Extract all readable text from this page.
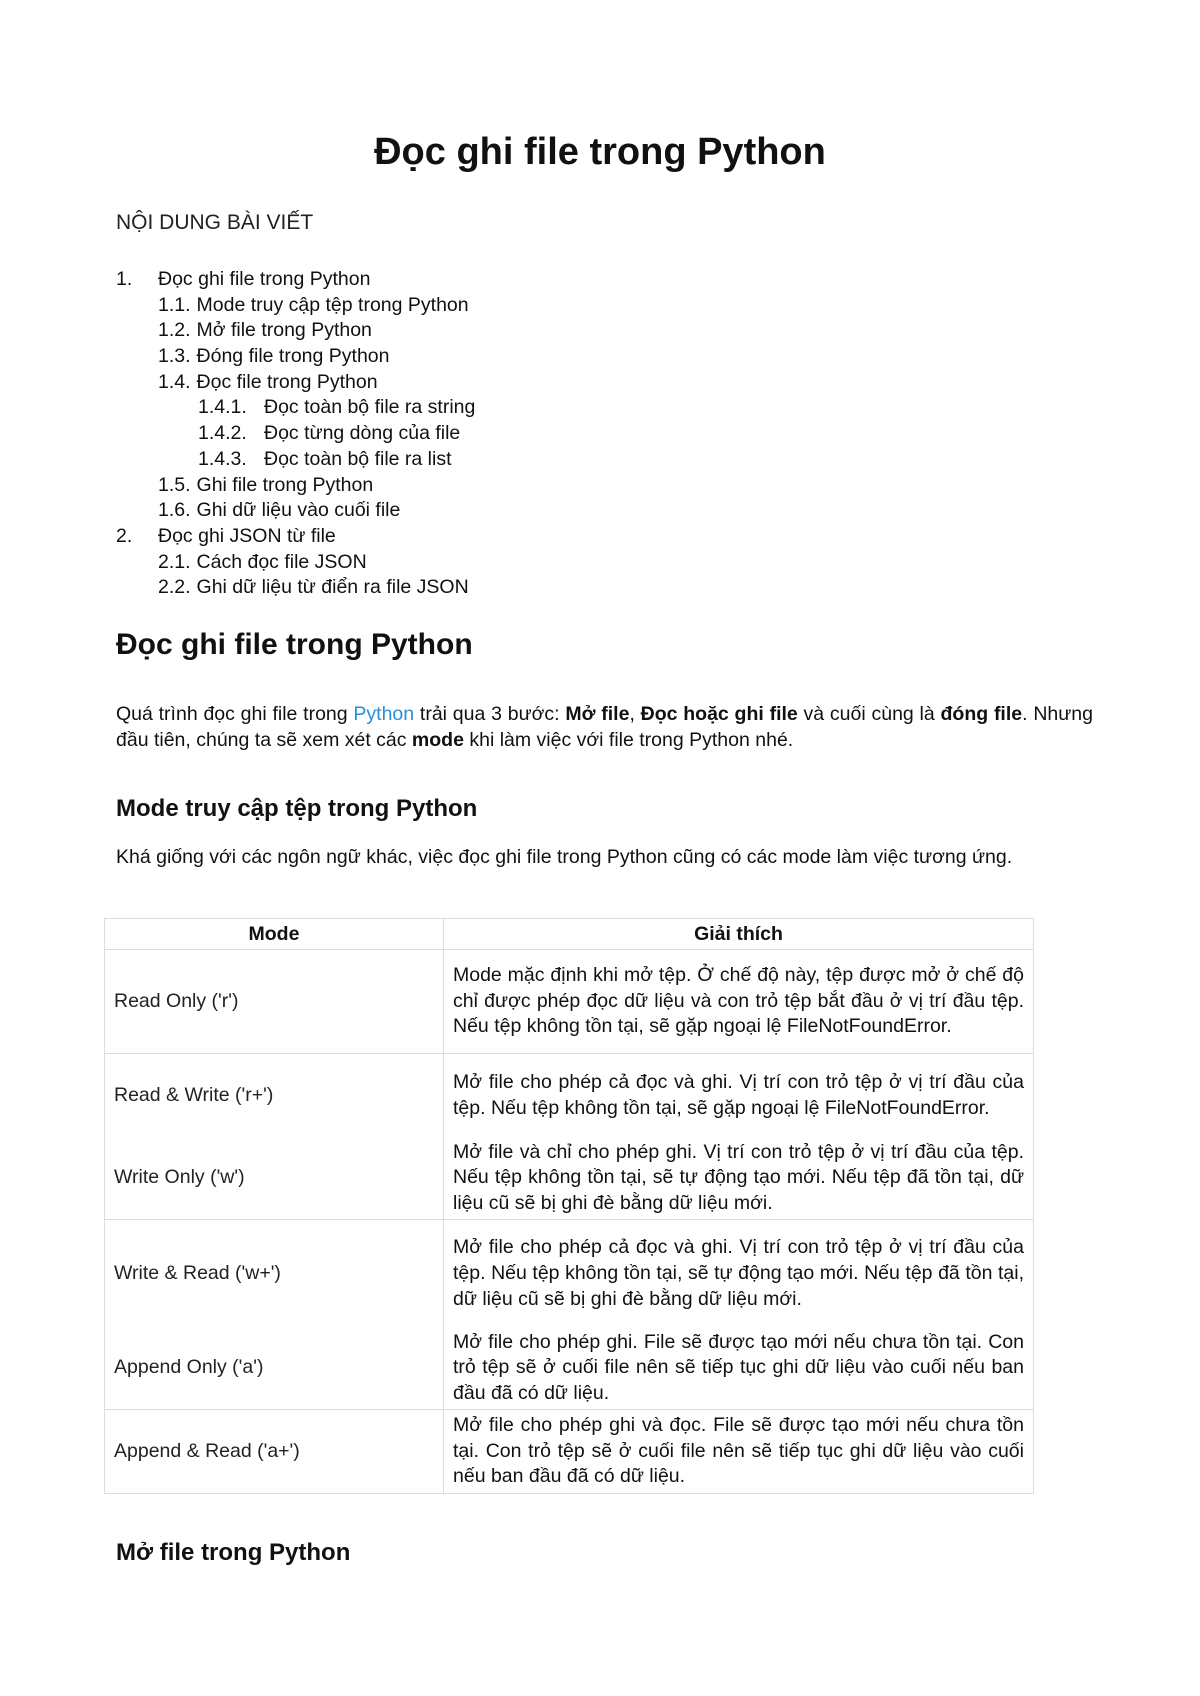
Đọc ghi file trong Python
NỘI DUNG BÀI VIẾT
1. Đọc ghi file trong Python
1.1. Mode truy cập tệp trong Python
1.2. Mở file trong Python
1.3. Đóng file trong Python
1.4. Đọc file trong Python
1.4.1. Đọc toàn bộ file ra string
1.4.2. Đọc từng dòng của file
1.4.3. Đọc toàn bộ file ra list
1.5. Ghi file trong Python
1.6. Ghi dữ liệu vào cuối file
2. Đọc ghi JSON từ file
2.1. Cách đọc file JSON
2.2. Ghi dữ liệu từ điển ra file JSON
Đọc ghi file trong Python

Quá trình đọc ghi file trong Python trải qua 3 bước: Mở file, Đọc hoặc ghi file và cuối cùng là đóng file. Nhưng đầu tiên, chúng ta sẽ xem xét các mode khi làm việc với file trong Python nhé.

Mode truy cập tệp trong Python

Khá giống với các ngôn ngữ khác, việc đọc ghi file trong Python cũng có các mode làm việc tương ứng.

Mode	Giải thích
Read Only ('r')	Mode mặc định khi mở tệp. Ở chế độ này, tệp được mở ở chế độ chỉ được phép đọc dữ liệu và con trỏ tệp bắt đầu ở vị trí đầu tệp. Nếu tệp không tồn tại, sẽ gặp ngoại lệ FileNotFoundError.
Read & Write ('r+')	Mở file cho phép cả đọc và ghi. Vị trí con trỏ tệp ở vị trí đầu của tệp. Nếu tệp không tồn tại, sẽ gặp ngoại lệ FileNotFoundError.
Write Only ('w')	Mở file và chỉ cho phép ghi. Vị trí con trỏ tệp ở vị trí đầu của tệp. Nếu tệp không tồn tại, sẽ tự động tạo mới. Nếu tệp đã tồn tại, dữ liệu cũ sẽ bị ghi đè bằng dữ liệu mới.
Write & Read ('w+')	Mở file cho phép cả đọc và ghi. Vị trí con trỏ tệp ở vị trí đầu của tệp. Nếu tệp không tồn tại, sẽ tự động tạo mới. Nếu tệp đã tồn tại, dữ liệu cũ sẽ bị ghi đè bằng dữ liệu mới.
Append Only ('a')	Mở file cho phép ghi. File sẽ được tạo mới nếu chưa tồn tại. Con trỏ tệp sẽ ở cuối file nên sẽ tiếp tục ghi dữ liệu vào cuối nếu ban đầu đã có dữ liệu.
Append & Read ('a+')	Mở file cho phép ghi và đọc. File sẽ được tạo mới nếu chưa tồn tại. Con trỏ tệp sẽ ở cuối file nên sẽ tiếp tục ghi dữ liệu vào cuối nếu ban đầu đã có dữ liệu.
Mở file trong Python
